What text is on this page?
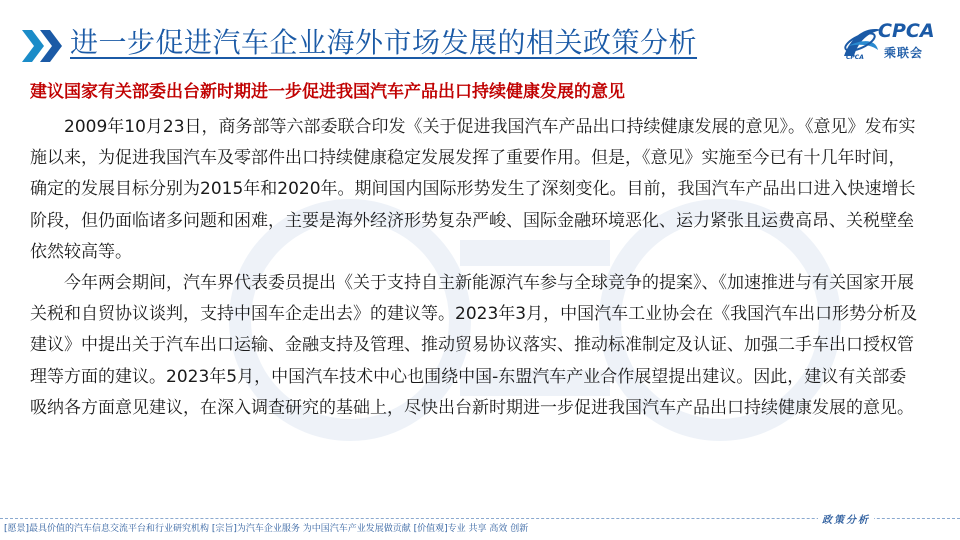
进一步促进汽车企业海外市场发展的相关政策分析	CPCA
乘联会
CPCA
建议国家有关部委出台新时期进一步促进我国汽车产品出口持续健康发展的意见

2009年10月23日，商务部等六部委联合印发《关于促进我国汽车产品出口持续健康发展的意见》。《意见》发布实施以来，为促进我国汽车及零部件出口持续健康稳定发展发挥了重要作用。但是，《意见》实施至今已有十几年时间，确定的发展目标分别为2015年和2020年。期间国内国际形势发生了深刻变化。目前，我国汽车产品出口进入快速增长阶段，但仍面临诸多问题和困难，主要是海外经济形势复杂严峻、国际金融环境恶化、运力紧张且运费高昂、关税壁垒依然较高等。

今年两会期间，汽车界代表委员提出《关于支持自主新能源汽车参与全球竞争的提案》、《加速推进与有关国家开展关税和自贸协议谈判，支持中国车企走出去》的建议等。2023年3月，中国汽车工业协会在《我国汽车出口形势分析及建议》中提出关于汽车出口运输、金融支持及管理、推动贸易协议落实、推动标准制定及认证、加强二手车出口授权管理等方面的建议。2023年5月，中国汽车技术中心也围绕中国-东盟汽车产业合作展望提出建议。因此，建议有关部委吸纳各方面意见建议，在深入调查研究的基础上，尽快出台新时期进一步促进我国汽车产品出口持续健康发展的意见。

[愿景]最具价值的汽车信息交流平台和行业研究机构 [宗旨]为汽车企业服务 为中国汽车产业发展做贡献 [价值观]专业 共享 高效 创新
政策分析
